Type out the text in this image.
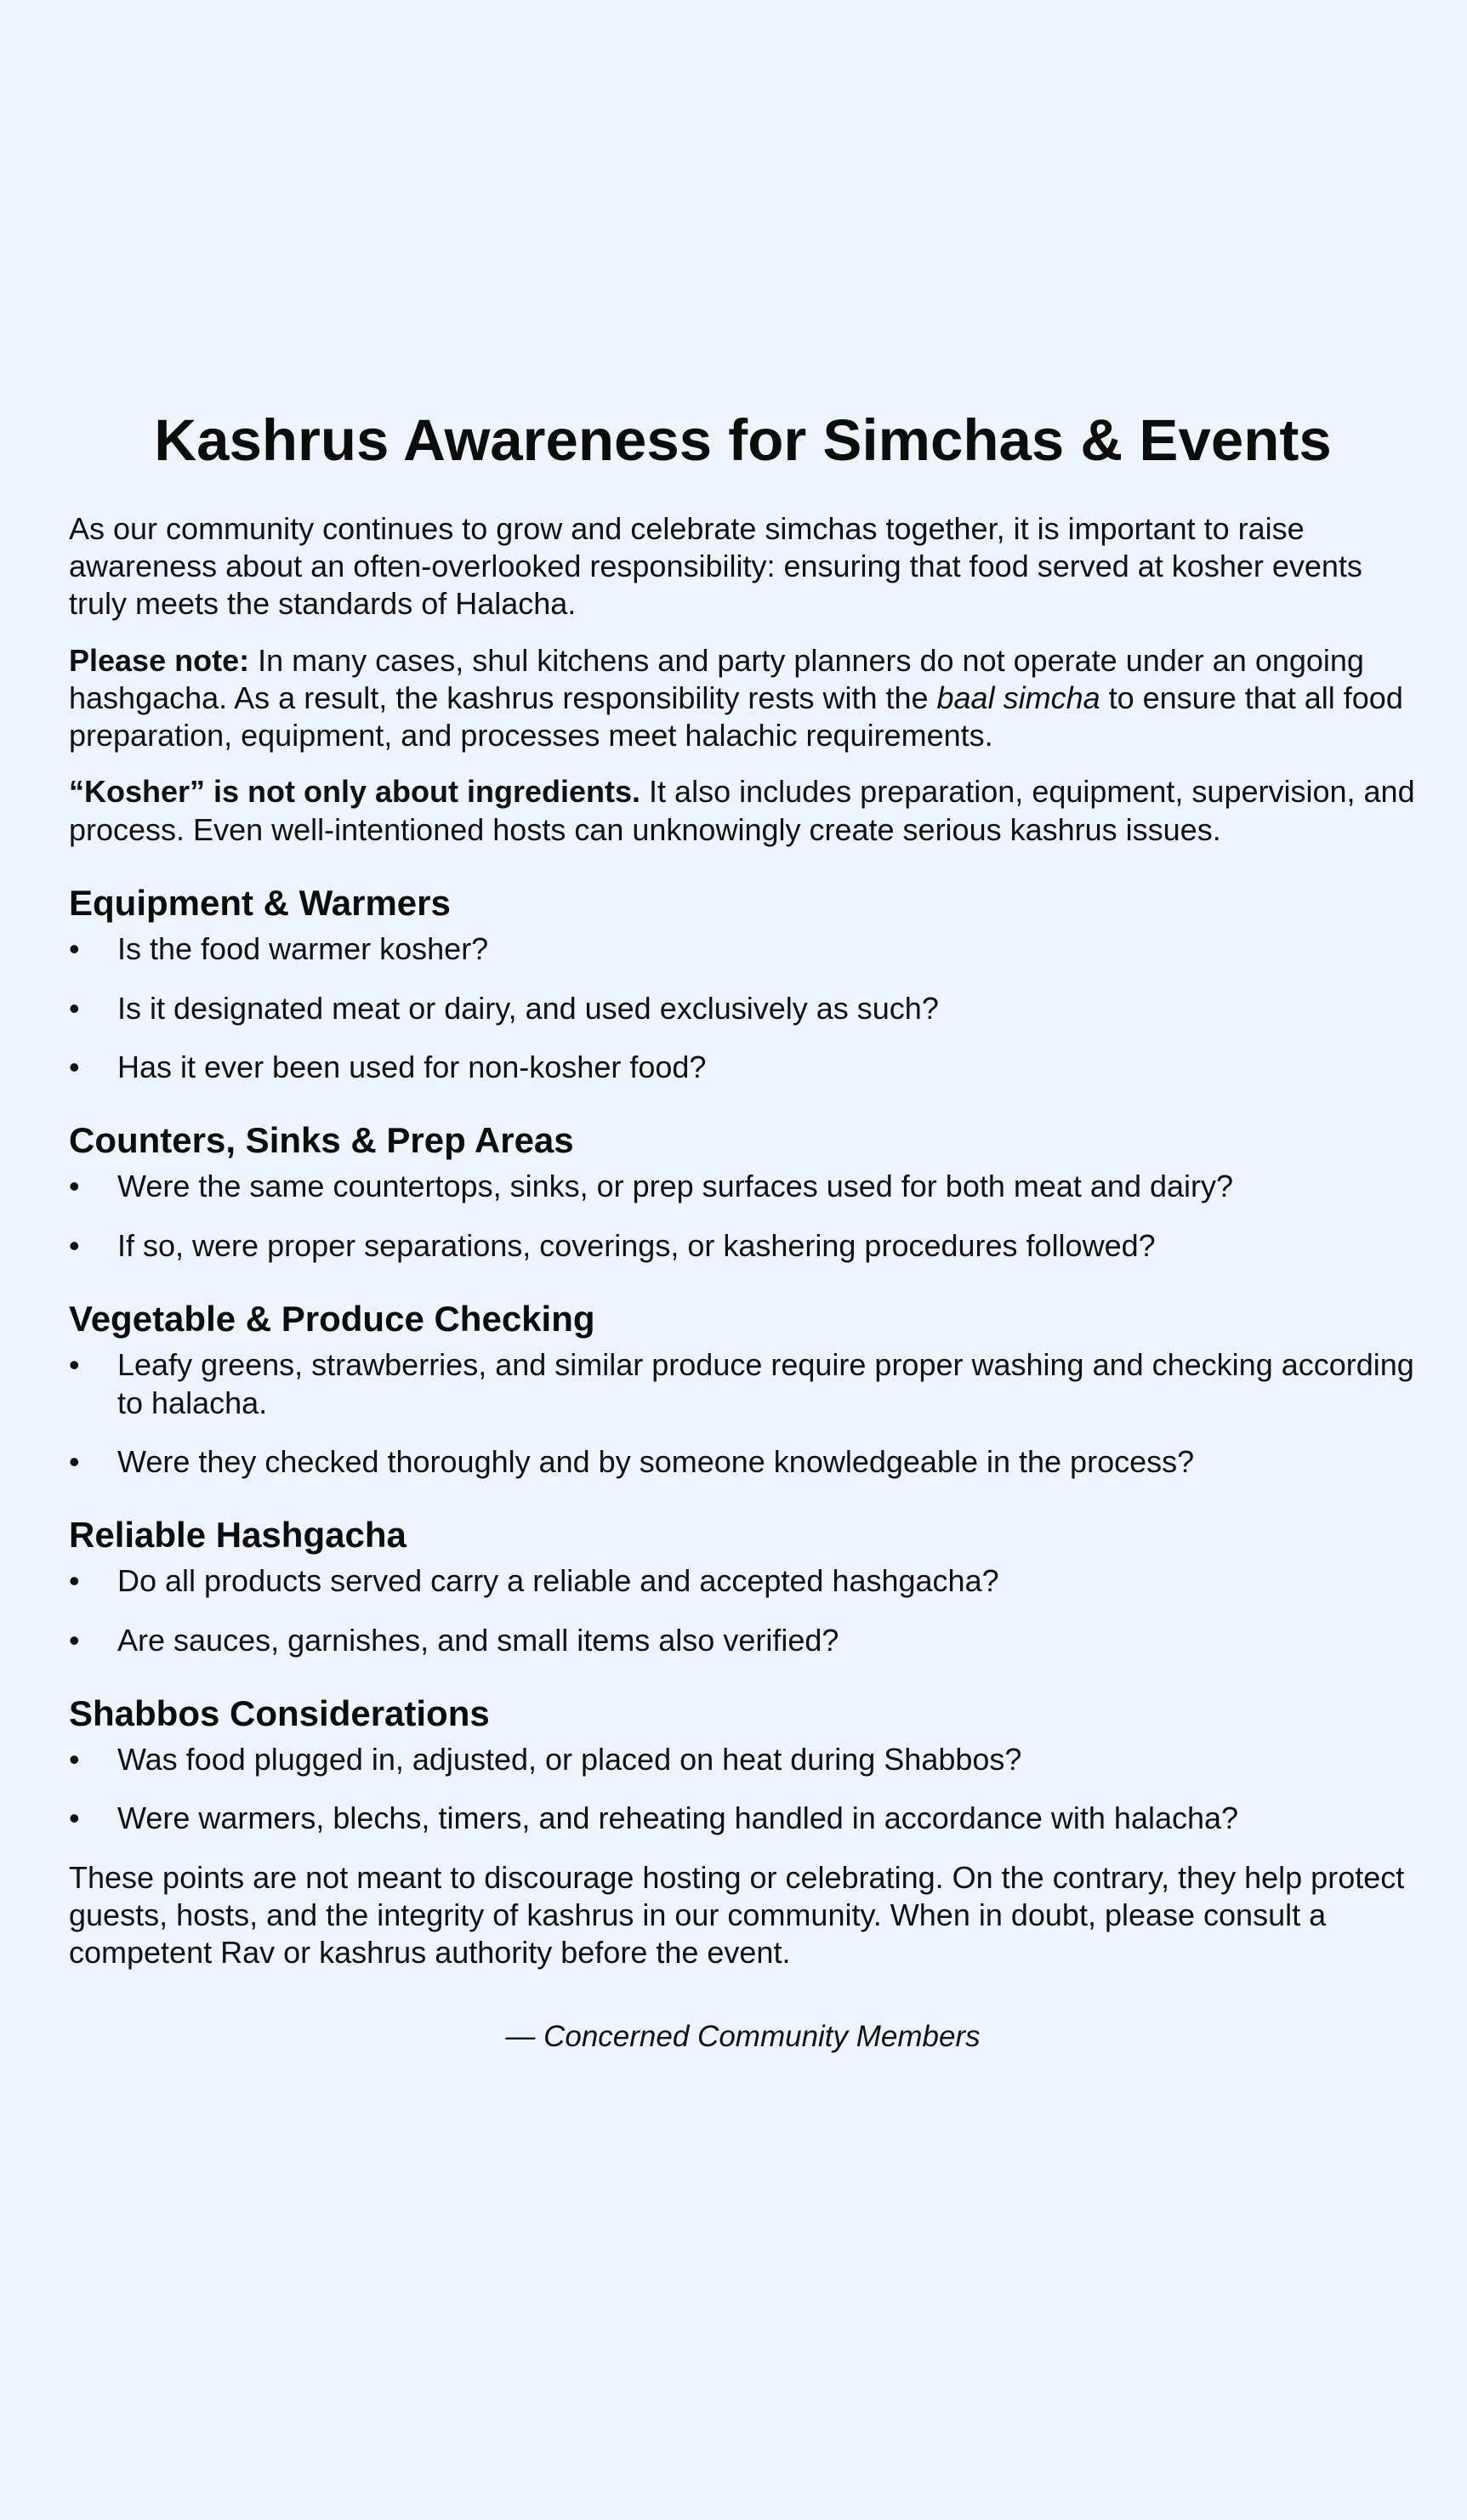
Kashrus Awareness for Simchas & Events

As our community continues to grow and celebrate simchas together, it is important to raise awareness about an often-overlooked responsibility: ensuring that food served at kosher events truly meets the standards of Halacha.

Please note: In many cases, shul kitchens and party planners do not operate under an ongoing hashgacha. As a result, the kashrus responsibility rests with the baal simcha to ensure that all food preparation, equipment, and processes meet halachic requirements.

“Kosher” is not only about ingredients. It also includes preparation, equipment, supervision, and process. Even well-intentioned hosts can unknowingly create serious kashrus issues.

Equipment & Warmers
• Is the food warmer kosher?
• Is it designated meat or dairy, and used exclusively as such?
• Has it ever been used for non-kosher food?
Counters, Sinks & Prep Areas
• Were the same countertops, sinks, or prep surfaces used for both meat and dairy?
• If so, were proper separations, coverings, or kashering procedures followed?
Vegetable & Produce Checking
• Leafy greens, strawberries, and similar produce require proper washing and checking according to halacha.
• Were they checked thoroughly and by someone knowledgeable in the process?
Reliable Hashgacha
• Do all products served carry a reliable and accepted hashgacha?
• Are sauces, garnishes, and small items also verified?
Shabbos Considerations
• Was food plugged in, adjusted, or placed on heat during Shabbos?
• Were warmers, blechs, timers, and reheating handled in accordance with halacha?

These points are not meant to discourage hosting or celebrating. On the contrary, they help protect guests, hosts, and the integrity of kashrus in our community. When in doubt, please consult a competent Rav or kashrus authority before the event.

— Concerned Community Members
